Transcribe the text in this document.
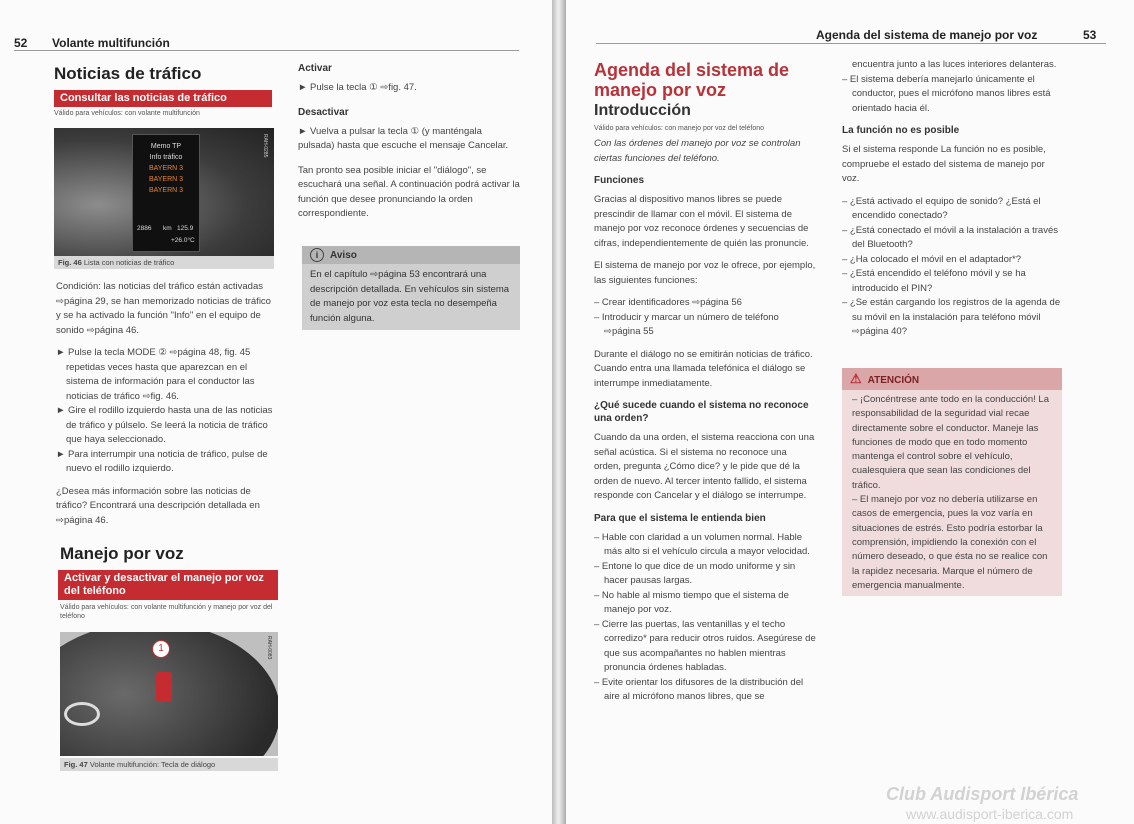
52 Volante multifunción
Noticias de tráfico
Consultar las noticias de tráfico
Válido para vehículos: con volante multifunción
Memo TP
Info tráfico
BAYERN 3
BAYERN 3
BAYERN 3
2886 km 125.9
+26.0°C
RAH-0285
Fig. 46 Lista con noticias de tráfico

Condición: las noticias del tráfico están activadas ⇨página 29, se han memorizado noticias de tráfico y se ha activado la función "Info" en el equipo de sonido ⇨página 46.

► Pulse la tecla MODE ② ⇨página 48, fig. 45 repetidas veces hasta que aparezcan en el sistema de información para el conductor las noticias de tráfico ⇨fig. 46.
► Gire el rodillo izquierdo hasta una de las noticias de tráfico y púlselo. Se leerá la noticia de tráfico que haya seleccionado.
► Para interrumpir una noticia de tráfico, pulse de nuevo el rodillo izquierdo.

¿Desea más información sobre las noticias de tráfico? Encontrará una descripción detallada en ⇨página 46.

Manejo por voz
Activar y desactivar el manejo por voz del teléfono
Válido para vehículos: con volante multifunción y manejo por voz del teléfono
1	RAH-0083
Fig. 47 Volante multifunción: Tecla de diálogo
Activar
► Pulse la tecla ① ⇨fig. 47.
Desactivar
► Vuelva a pulsar la tecla ① (y manténgala pulsada) hasta que escuche el mensaje Cancelar.

Tan pronto sea posible iniciar el "diálogo", se escuchará una señal. A continuación podrá activar la función que desee pronunciando la orden correspondiente.

i Aviso
En el capítulo ⇨página 53 encontrará una descripción detallada. En vehículos sin sistema de manejo por voz esta tecla no desempeña función alguna.
Agenda del sistema de manejo por voz	53
Agenda del sistema de manejo por voz
Introducción
Válido para vehículos: con manejo por voz del teléfono

Con las órdenes del manejo por voz se controlan ciertas funciones del teléfono.

Funciones

Gracias al dispositivo manos libres se puede prescindir de llamar con el móvil. El sistema de manejo por voz reconoce órdenes y secuencias de cifras, independientemente de quién las pronuncie.

El sistema de manejo por voz le ofrece, por ejemplo, las siguientes funciones:

– Crear identificadores ⇨página 56
– Introducir y marcar un número de teléfono ⇨página 55

Durante el diálogo no se emitirán noticias de tráfico. Cuando entra una llamada telefónica el diálogo se interrumpe inmediatamente.

¿Qué sucede cuando el sistema no reconoce una orden?

Cuando da una orden, el sistema reacciona con una señal acústica. Si el sistema no reconoce una orden, pregunta ¿Cómo dice? y le pide que dé la orden de nuevo. Al tercer intento fallido, el sistema responde con Cancelar y el diálogo se interrumpe.

Para que el sistema le entienda bien
– Hable con claridad a un volumen normal. Hable más alto si el vehículo circula a mayor velocidad.
– Entone lo que dice de un modo uniforme y sin hacer pausas largas.
– No hable al mismo tiempo que el sistema de manejo por voz.
– Cierre las puertas, las ventanillas y el techo corredizo* para reducir otros ruidos. Asegúrese de que sus acompañantes no hablen mientras pronuncia órdenes habladas.
– Evite orientar los difusores de la distribución del aire al micrófono manos libres, que se
encuentra junto a las luces interiores delanteras.
– El sistema debería manejarlo únicamente el conductor, pues el micrófono manos libres está orientado hacia él.
La función no es posible

Si el sistema responde La función no es posible, compruebe el estado del sistema de manejo por voz.

– ¿Está activado el equipo de sonido? ¿Está el encendido conectado?
– ¿Está conectado el móvil a la instalación a través del Bluetooth?
– ¿Ha colocado el móvil en el adaptador*?
– ¿Está encendido el teléfono móvil y se ha introducido el PIN?
– ¿Se están cargando los registros de la agenda de su móvil en la instalación para teléfono móvil ⇨página 40?
⚠ ATENCIÓN
– ¡Concéntrese ante todo en la conducción! La responsabilidad de la seguridad vial recae directamente sobre el conductor. Maneje las funciones de modo que en todo momento mantenga el control sobre el vehículo, cualesquiera que sean las condiciones del tráfico.
– El manejo por voz no debería utilizarse en casos de emergencia, pues la voz varía en situaciones de estrés. Esto podría estorbar la comprensión, impidiendo la conexión con el número deseado, o que ésta no se realice con la rapidez necesaria. Marque el número de emergencia manualmente.
Club Audisport Ibérica
www.audisport-iberica.com
